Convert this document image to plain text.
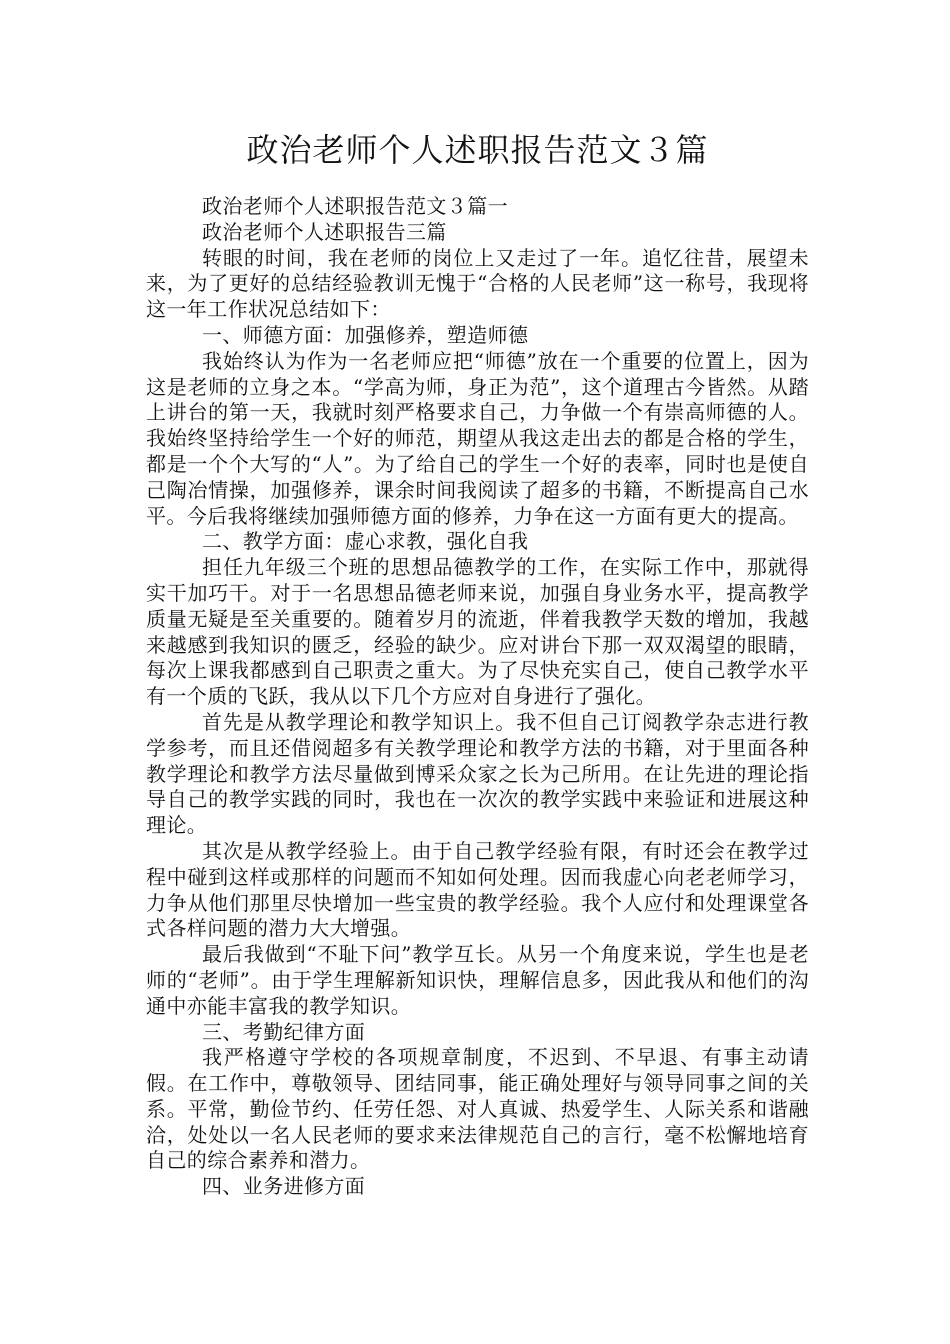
政治老师个人述职报告范文３篇

政治老师个人述职报告范文３篇一

政治老师个人述职报告三篇

转眼的时间，我在老师的岗位上又走过了一年。追忆往昔，展望未来，为了更好的总结经验教训无愧于“合格的人民老师”这一称号，我现将这一年工作状况总结如下：

一、师德方面：加强修养，塑造师德

我始终认为作为一名老师应把“师德”放在一个重要的位置上，因为这是老师的立身之本。“学高为师，身正为范”，这个道理古今皆然。从踏上讲台的第一天，我就时刻严格要求自己，力争做一个有崇高师德的人。我始终坚持给学生一个好的师范，期望从我这走出去的都是合格的学生，都是一个个大写的“人”。为了给自己的学生一个好的表率，同时也是使自己陶冶情操，加强修养，课余时间我阅读了超多的书籍，不断提高自己水平。今后我将继续加强师德方面的修养，力争在这一方面有更大的提高。

二、教学方面：虚心求教，强化自我

担任九年级三个班的思想品德教学的工作，在实际工作中，那就得实干加巧干。对于一名思想品德老师来说，加强自身业务水平，提高教学质量无疑是至关重要的。随着岁月的流逝，伴着我教学天数的增加，我越来越感到我知识的匮乏，经验的缺少。应对讲台下那一双双渴望的眼睛，每次上课我都感到自己职责之重大。为了尽快充实自己，使自己教学水平有一个质的飞跃，我从以下几个方应对自身进行了强化。

首先是从教学理论和教学知识上。我不但自己订阅教学杂志进行教学参考，而且还借阅超多有关教学理论和教学方法的书籍，对于里面各种教学理论和教学方法尽量做到博采众家之长为己所用。在让先进的理论指导自己的教学实践的同时，我也在一次次的教学实践中来验证和进展这种理论。

其次是从教学经验上。由于自己教学经验有限，有时还会在教学过程中碰到这样或那样的问题而不知如何处理。因而我虚心向老老师学习，力争从他们那里尽快增加一些宝贵的教学经验。我个人应付和处理课堂各式各样问题的潜力大大增强。

最后我做到“不耻下问”教学互长。从另一个角度来说，学生也是老师的“老师”。由于学生理解新知识快，理解信息多，因此我从和他们的沟通中亦能丰富我的教学知识。

三、考勤纪律方面

我严格遵守学校的各项规章制度，不迟到、不早退、有事主动请假。在工作中，尊敬领导、团结同事，能正确处理好与领导同事之间的关系。平常，勤俭节约、任劳任怨、对人真诚、热爱学生、人际关系和谐融洽，处处以一名人民老师的要求来法律规范自己的言行，毫不松懈地培育自己的综合素养和潜力。

四、业务进修方面
